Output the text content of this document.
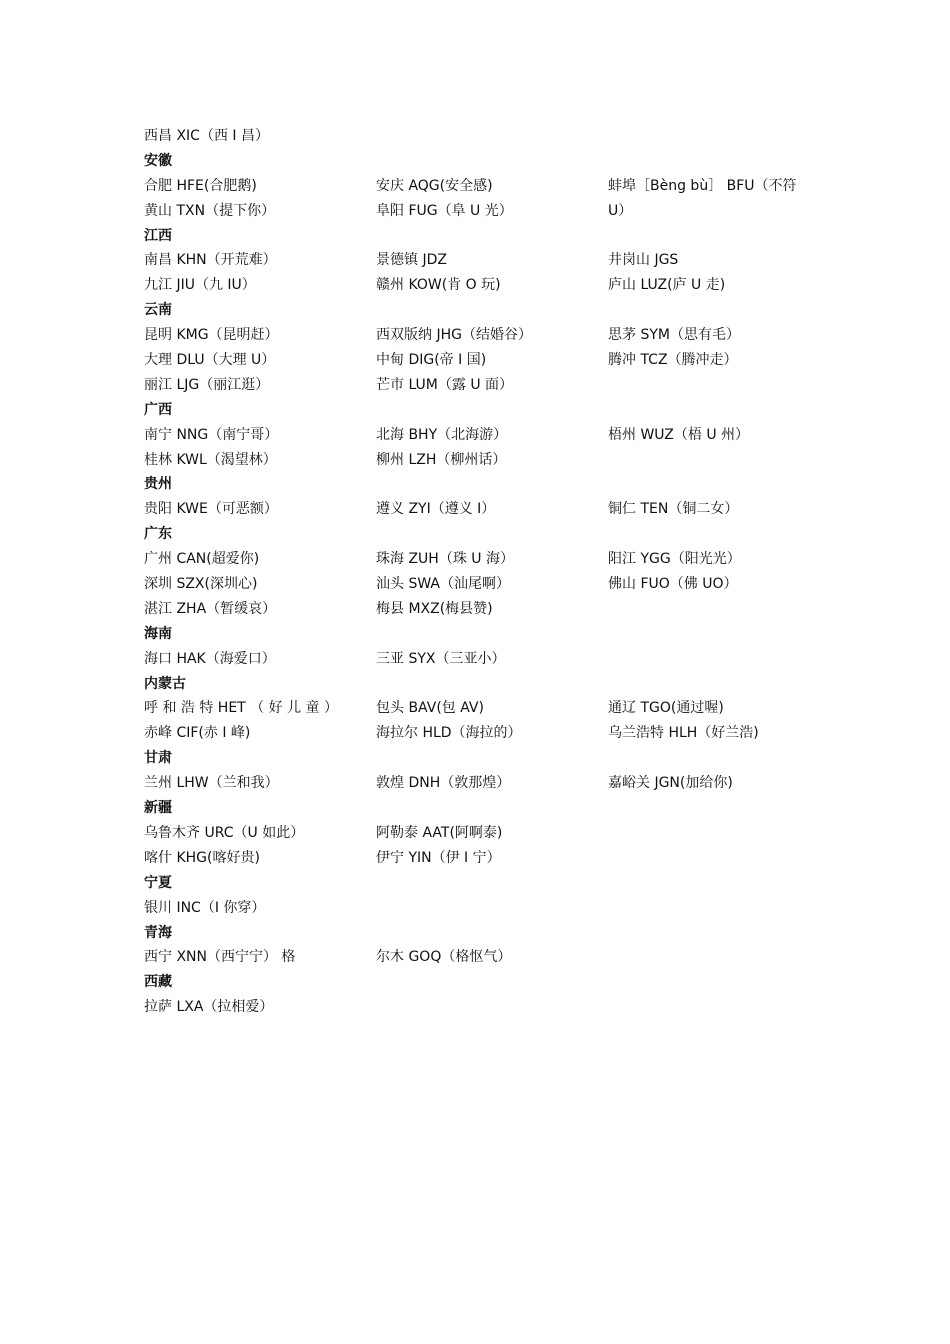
西昌 XIC（西 I 昌）
安徽
合肥 HFE(合肥鹅)	安庆 AQG(安全感)	蚌埠［Bèng bù］ BFU（不符
黄山 TXN（提下你）	阜阳 FUG（阜 U 光）	U）
江西
南昌 KHN（开荒难）	景德镇 JDZ	井岗山 JGS
九江 JIU（九 IU）	赣州 KOW(肯 O 玩)	庐山 LUZ(庐 U 走)
云南
昆明 KMG（昆明赶）	西双版纳 JHG（结婚谷）	思茅 SYM（思有毛）
大理 DLU（大理 U）	中甸 DIG(帝 I 国)	腾冲 TCZ（腾冲走）
丽江 LJG（丽江逛）	芒市 LUM（露 U 面）
广西
南宁 NNG（南宁哥）	北海 BHY（北海游）	梧州 WUZ（梧 U 州）
桂林 KWL（渴望林）	柳州 LZH（柳州话）
贵州
贵阳 KWE（可恶额）	遵义 ZYI（遵义 I）	铜仁 TEN（铜二女）
广东
广州 CAN(超爱你)	珠海 ZUH（珠 U 海）	阳江 YGG（阳光光）
深圳 SZX(深圳心)	汕头 SWA（汕尾啊）	佛山 FUO（佛 UO）
湛江 ZHA（暂缓哀）	梅县 MXZ(梅县赞)
海南
海口 HAK（海爱口）	三亚 SYX（三亚小）
内蒙古
呼 和 浩 特 HET （ 好 儿 童 ）	包头 BAV(包 AV)	通辽 TGO(通过喔)
赤峰 CIF(赤 I 峰)	海拉尔 HLD（海拉的）	乌兰浩特 HLH（好兰浩)
甘肃
兰州 LHW（兰和我）	敦煌 DNH（敦那煌）	嘉峪关 JGN(加给你)
新疆
乌鲁木齐 URC（U 如此）	阿勒泰 AAT(阿啊泰)
喀什 KHG(喀好贵)	伊宁 YIN（伊 I 宁）
宁夏
银川 INC（I 你穿）
青海
西宁 XNN（西宁宁） 格	尔木 GOQ（格怄气）
西藏
拉萨 LXA（拉相爱）
